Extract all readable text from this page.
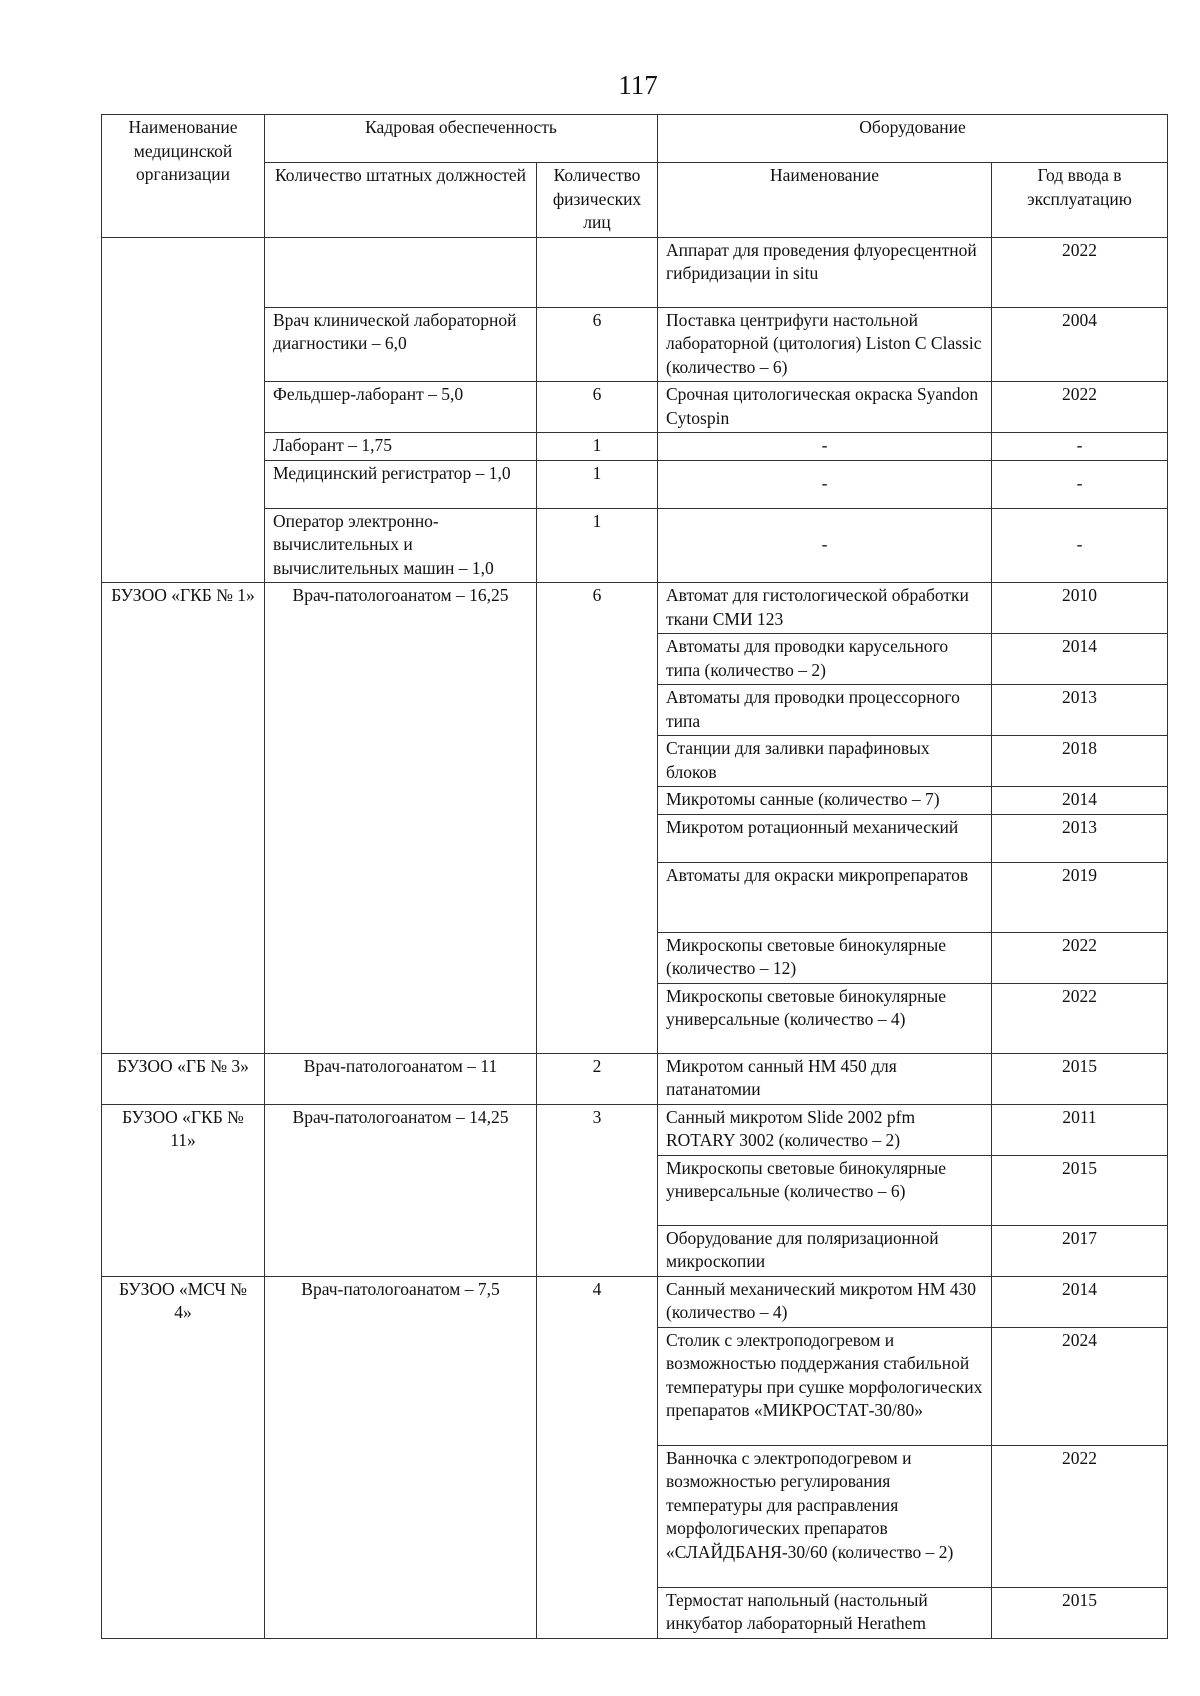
117
Наименование медицинской организации	Кадровая обеспеченность		Оборудование	
	Количество штатных должностей	Количество физических лиц	Наименование	Год ввода в эксплуатацию
			Аппарат для проведения флуоресцентной гибридизации in situ	2022
	Врач клинической лабораторной диагностики – 6,0	6	Поставка центрифуги настольной лабораторной (цитология) Liston C Classic (количество – 6)	2004
	Фельдшер-лаборант – 5,0	6	Срочная цитологическая окраска Syandon Cytospin	2022
	Лаборант – 1,75	1	-	-
	Медицинский регистратор – 1,0	1	-	-
	Оператор электронно-вычислительных и вычислительных машин – 1,0	1	-	-
БУЗОО «ГКБ № 1»	Врач-патологоанатом – 16,25	6	Автомат для гистологической обработки ткани СМИ 123	2010
			Автоматы для проводки карусельного типа (количество – 2)	2014
			Автоматы для проводки процессорного типа	2013
			Станции для заливки парафиновых блоков	2018
			Микротомы санные (количество – 7)	2014
			Микротом ротационный механический	2013
			Автоматы для окраски микропрепаратов	2019
			Микроскопы световые бинокулярные (количество – 12)	2022
			Микроскопы световые бинокулярные универсальные (количество – 4)	2022
БУЗОО «ГБ № 3»	Врач-патологоанатом – 11	2	Микротом санный HM 450 для патанатомии	2015
БУЗОО «ГКБ № 11»	Врач-патологоанатом – 14,25	3	Санный микротом Slide 2002 pfm ROTARY 3002 (количество – 2)	2011
			Микроскопы световые бинокулярные универсальные (количество – 6)	2015
			Оборудование для поляризационной микроскопии	2017
БУЗОО «МСЧ № 4»	Врач-патологоанатом – 7,5	4	Санный механический микротом HM 430 (количество – 4)	2014
			Столик с электроподогревом и возможностью поддержания стабильной температуры при сушке морфологических препаратов «МИКРОСТАТ-30/80»	2024
			Ванночка с электроподогревом и возможностью регулирования температуры для расправления морфологических препаратов «СЛАЙДБАНЯ-30/60 (количество – 2)	2022
			Термостат напольный (настольный инкубатор лабораторный Herathem	2015
